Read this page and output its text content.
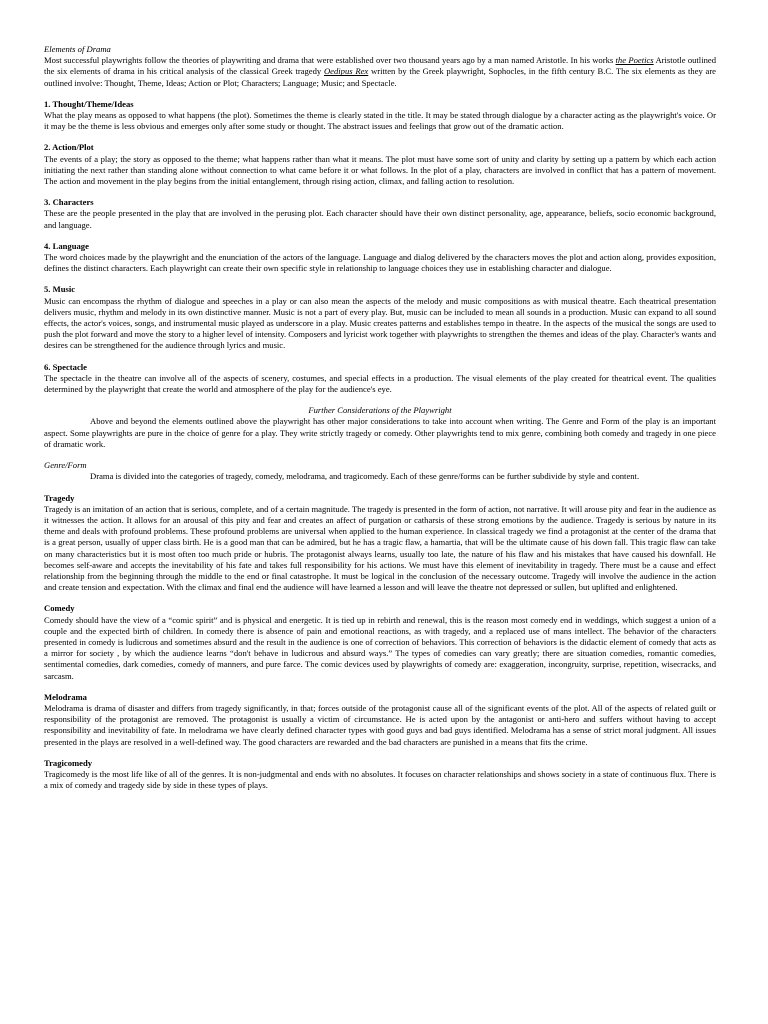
Elements of Drama

Most successful playwrights follow the theories of playwriting and drama that were established over two thousand years ago by a man named Aristotle. In his works the Poetics Aristotle outlined the six elements of drama in his critical analysis of the classical Greek tragedy Oedipus Rex written by the Greek playwright, Sophocles, in the fifth century B.C. The six elements as they are outlined involve: Thought, Theme, Ideas; Action or Plot; Characters; Language; Music; and Spectacle.

1. Thought/Theme/Ideas

What the play means as opposed to what happens (the plot). Sometimes the theme is clearly stated in the title. It may be stated through dialogue by a character acting as the playwright's voice. Or it may be the theme is less obvious and emerges only after some study or thought. The abstract issues and feelings that grow out of the dramatic action.

2. Action/Plot

The events of a play; the story as opposed to the theme; what happens rather than what it means. The plot must have some sort of unity and clarity by setting up a pattern by which each action initiating the next rather than standing alone without connection to what came before it or what follows. In the plot of a play, characters are involved in conflict that has a pattern of movement. The action and movement in the play begins from the initial entanglement, through rising action, climax, and falling action to resolution.

3. Characters

These are the people presented in the play that are involved in the perusing plot. Each character should have their own distinct personality, age, appearance, beliefs, socio economic background, and language.

4. Language

The word choices made by the playwright and the enunciation of the actors of the language. Language and dialog delivered by the characters moves the plot and action along, provides exposition, defines the distinct characters. Each playwright can create their own specific style in relationship to language choices they use in establishing character and dialogue.

5. Music

Music can encompass the rhythm of dialogue and speeches in a play or can also mean the aspects of the melody and music compositions as with musical theatre. Each theatrical presentation delivers music, rhythm and melody in its own distinctive manner. Music is not a part of every play. But, music can be included to mean all sounds in a production. Music can expand to all sound effects, the actor's voices, songs, and instrumental music played as underscore in a play. Music creates patterns and establishes tempo in theatre. In the aspects of the musical the songs are used to push the plot forward and move the story to a higher level of intensity. Composers and lyricist work together with playwrights to strengthen the themes and ideas of the play. Character's wants and desires can be strengthened for the audience through lyrics and music.

6. Spectacle

The spectacle in the theatre can involve all of the aspects of scenery, costumes, and special effects in a production. The visual elements of the play created for theatrical event. The qualities determined by the playwright that create the world and atmosphere of the play for the audience's eye.

Further Considerations of the Playwright

Above and beyond the elements outlined above the playwright has other major considerations to take into account when writing. The Genre and Form of the play is an important aspect. Some playwrights are pure in the choice of genre for a play. They write strictly tragedy or comedy. Other playwrights tend to mix genre, combining both comedy and tragedy in one piece of dramatic work.

Genre/Form

Drama is divided into the categories of tragedy, comedy, melodrama, and tragicomedy. Each of these genre/forms can be further subdivide by style and content.

Tragedy

Tragedy is an imitation of an action that is serious, complete, and of a certain magnitude. The tragedy is presented in the form of action, not narrative. It will arouse pity and fear in the audience as it witnesses the action. It allows for an arousal of this pity and fear and creates an affect of purgation or catharsis of these strong emotions by the audience. Tragedy is serious by nature in its theme and deals with profound problems. These profound problems are universal when applied to the human experience. In classical tragedy we find a protagonist at the center of the drama that is a great person, usually of upper class birth. He is a good man that can be admired, but he has a tragic flaw, a hamartia, that will be the ultimate cause of his down fall. This tragic flaw can take on many characteristics but it is most often too much pride or hubris. The protagonist always learns, usually too late, the nature of his flaw and his mistakes that have caused his downfall. He becomes self-aware and accepts the inevitability of his fate and takes full responsibility for his actions. We must have this element of inevitability in tragedy. There must be a cause and effect relationship from the beginning through the middle to the end or final catastrophe. It must be logical in the conclusion of the necessary outcome. Tragedy will involve the audience in the action and create tension and expectation. With the climax and final end the audience will have learned a lesson and will leave the theatre not depressed or sullen, but uplifted and enlightened.

Comedy

Comedy should have the view of a “comic spirit” and is physical and energetic. It is tied up in rebirth and renewal, this is the reason most comedy end in weddings, which suggest a union of a couple and the expected birth of children. In comedy there is absence of pain and emotional reactions, as with tragedy, and a replaced use of mans intellect. The behavior of the characters presented in comedy is ludicrous and sometimes absurd and the result in the audience is one of correction of behaviors. This correction of behaviors is the didactic element of comedy that acts as a mirror for society , by which the audience learns “don't behave in ludicrous and absurd ways.” The types of comedies can vary greatly; there are situation comedies, romantic comedies, sentimental comedies, dark comedies, comedy of manners, and pure farce. The comic devices used by playwrights of comedy are: exaggeration, incongruity, surprise, repetition, wisecracks, and sarcasm.

Melodrama

Melodrama is drama of disaster and differs from tragedy significantly, in that; forces outside of the protagonist cause all of the significant events of the plot. All of the aspects of related guilt or responsibility of the protagonist are removed. The protagonist is usually a victim of circumstance. He is acted upon by the antagonist or anti-hero and suffers without having to accept responsibility and inevitability of fate. In melodrama we have clearly defined character types with good guys and bad guys identified. Melodrama has a sense of strict moral judgment. All issues presented in the plays are resolved in a well-defined way. The good characters are rewarded and the bad characters are punished in a means that fits the crime.

Tragicomedy

Tragicomedy is the most life like of all of the genres. It is non-judgmental and ends with no absolutes. It focuses on character relationships and shows society in a state of continuous flux. There is a mix of comedy and tragedy side by side in these types of plays.
